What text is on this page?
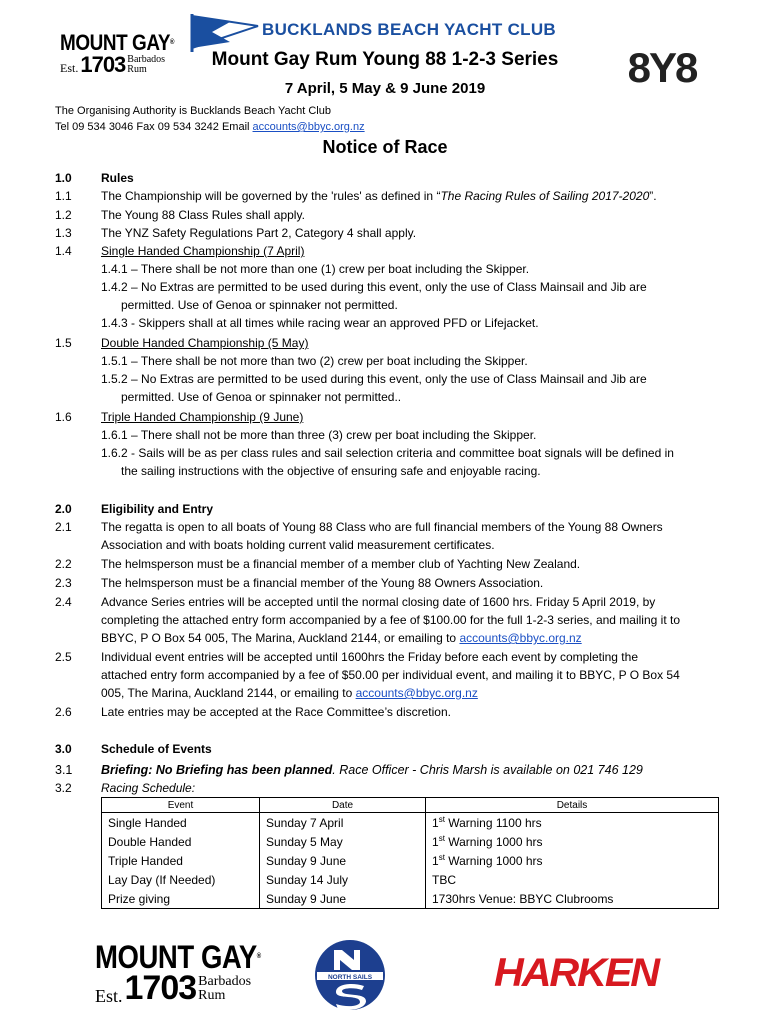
MOUNT GAY®
Est. 1703 Barbados
Rum
BUCKLANDS BEACH YACHT CLUB
Mount Gay Rum Young 88 1-2-3 Series
7 April, 5 May & 9 June 2019	8Y8
The Organising Authority is Bucklands Beach Yacht Club
Tel 09 534 3046 Fax 09 534 3242 Email accounts@bbyc.org.nz
Notice of Race
1.0	Rules
1.1	The Championship will be governed by the 'rules' as defined in “The Racing Rules of Sailing 2017-2020”.
1.2	The Young 88 Class Rules shall apply.
1.3	The YNZ Safety Regulations Part 2, Category 4 shall apply.
1.4	Single Handed Championship (7 April)
1.4.1 – There shall be not more than one (1) crew per boat including the Skipper.
1.4.2 – No Extras are permitted to be used during this event, only the use of Class Mainsail and Jib are
permitted. Use of Genoa or spinnaker not permitted.
1.4.3 - Skippers shall at all times while racing wear an approved PFD or Lifejacket.
1.5	Double Handed Championship (5 May)
1.5.1 – There shall be not more than two (2) crew per boat including the Skipper.
1.5.2 – No Extras are permitted to be used during this event, only the use of Class Mainsail and Jib are
permitted. Use of Genoa or spinnaker not permitted..
1.6	Triple Handed Championship (9 June)
1.6.1 – There shall not be more than three (3) crew per boat including the Skipper.
1.6.2 - Sails will be as per class rules and sail selection criteria and committee boat signals will be defined in
the sailing instructions with the objective of ensuring safe and enjoyable racing.
2.0	Eligibility and Entry
2.1	The regatta is open to all boats of Young 88 Class who are full financial members of the Young 88 Owners
Association and with boats holding current valid measurement certificates.
2.2	The helmsperson must be a financial member of a member club of Yachting New Zealand.
2.3	The helmsperson must be a financial member of the Young 88 Owners Association.
2.4	Advance Series entries will be accepted until the normal closing date of 1600 hrs. Friday 5 April 2019, by
completing the attached entry form accompanied by a fee of $100.00 for the full 1-2-3 series, and mailing it to
BBYC, P O Box 54 005, The Marina, Auckland 2144, or emailing to accounts@bbyc.org.nz
2.5	Individual event entries will be accepted until 1600hrs the Friday before each event by completing the
attached entry form accompanied by a fee of $50.00 per individual event, and mailing it to BBYC, P O Box 54
005, The Marina, Auckland 2144, or emailing to accounts@bbyc.org.nz
2.6	Late entries may be accepted at the Race Committee’s discretion.
3.0	Schedule of Events
3.1	Briefing: No Briefing has been planned. Race Officer - Chris Marsh is available on 021 746 129
3.2	Racing Schedule:
Event	Date	Details
Single Handed	Sunday 7 April	1st Warning 1100 hrs
Double Handed	Sunday 5 May	1st Warning 1000 hrs
Triple Handed	Sunday 9 June	1st Warning 1000 hrs
Lay Day (If Needed)	Sunday 14 July	TBC
Prize giving	Sunday 9 June	1730hrs Venue: BBYC Clubrooms
MOUNT GAY®
Est. 1703 Barbados
Rum
NORTH SAILS	HARKEN
